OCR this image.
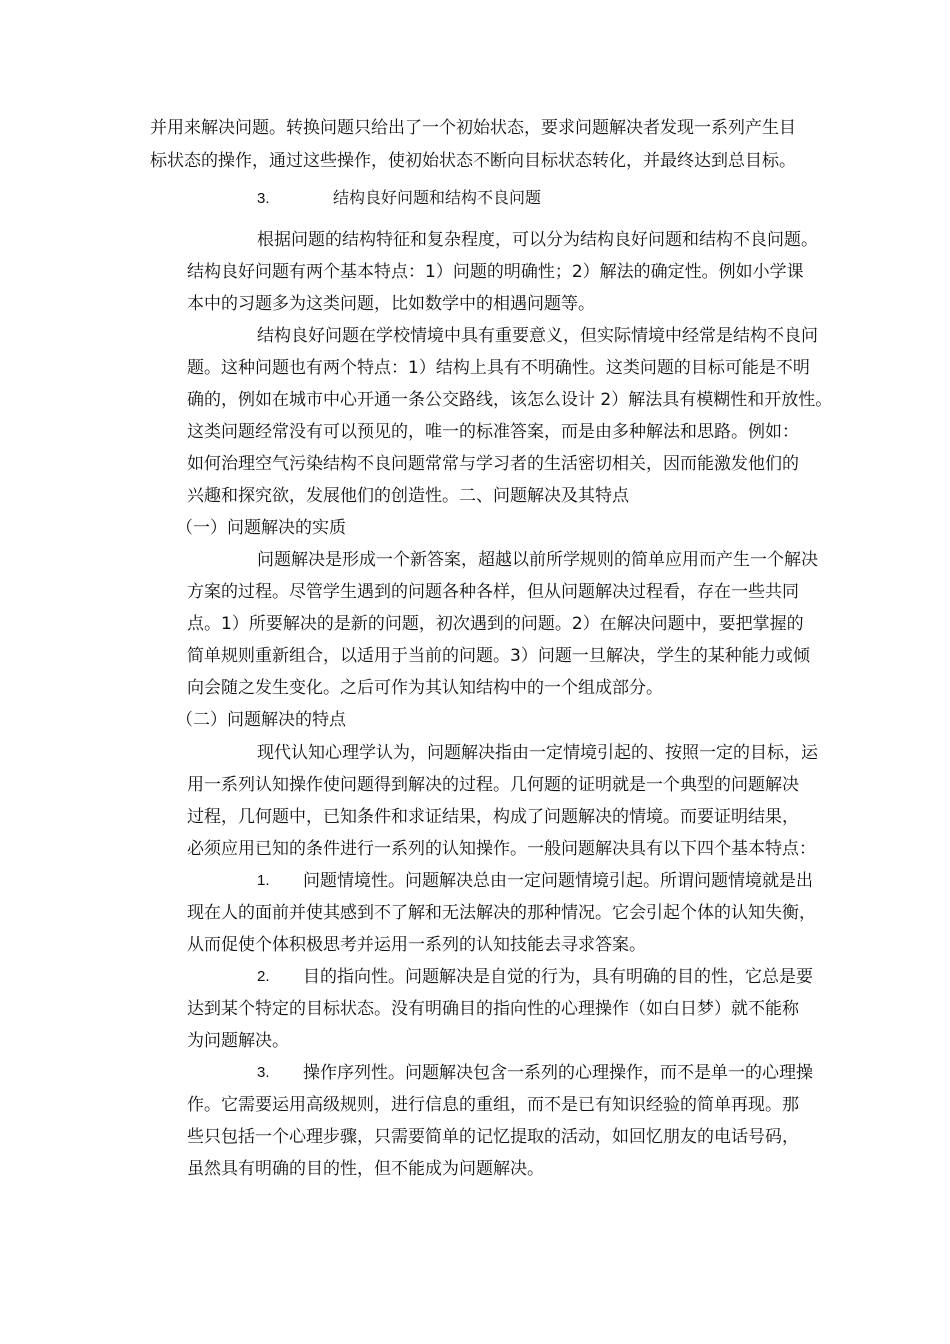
并用来解决问题。转换问题只给出了一个初始状态，要求问题解决者发现一系列产生目
标状态的操作，通过这些操作，使初始状态不断向目标状态转化，并最终达到总目标。
3.	结构良好问题和结构不良问题
根据问题的结构特征和复杂程度，可以分为结构良好问题和结构不良问题。
结构良好问题有两个基本特点：1）问题的明确性；2）解法的确定性。例如小学课
本中的习题多为这类问题，比如数学中的相遇问题等。
结构良好问题在学校情境中具有重要意义，但实际情境中经常是结构不良问
题。这种问题也有两个特点：1）结构上具有不明确性。这类问题的目标可能是不明
确的，例如在城市中心开通一条公交路线，该怎么设计 2）解法具有模糊性和开放性。
这类问题经常没有可以预见的，唯一的标准答案，而是由多种解法和思路。例如：
如何治理空气污染结构不良问题常常与学习者的生活密切相关，因而能激发他们的
兴趣和探究欲，发展他们的创造性。二、问题解决及其特点
（一）问题解决的实质
问题解决是形成一个新答案，超越以前所学规则的简单应用而产生一个解决
方案的过程。尽管学生遇到的问题各种各样，但从问题解决过程看，存在一些共同
点。1）所要解决的是新的问题，初次遇到的问题。2）在解决问题中，要把掌握的
简单规则重新组合，以适用于当前的问题。3）问题一旦解决，学生的某种能力或倾
向会随之发生变化。之后可作为其认知结构中的一个组成部分。
（二）问题解决的特点
现代认知心理学认为，问题解决指由一定情境引起的、按照一定的目标，运
用一系列认知操作使问题得到解决的过程。几何题的证明就是一个典型的问题解决
过程，几何题中，已知条件和求证结果，构成了问题解决的情境。而要证明结果，
必须应用已知的条件进行一系列的认知操作。一般问题解决具有以下四个基本特点：
1. 问题情境性。问题解决总由一定问题情境引起。所谓问题情境就是出
现在人的面前并使其感到不了解和无法解决的那种情况。它会引起个体的认知失衡，
从而促使个体积极思考并运用一系列的认知技能去寻求答案。
2. 目的指向性。问题解决是自觉的行为，具有明确的目的性，它总是要
达到某个特定的目标状态。没有明确目的指向性的心理操作（如白日梦）就不能称
为问题解决。
3. 操作序列性。问题解决包含一系列的心理操作，而不是单一的心理操
作。它需要运用高级规则，进行信息的重组，而不是已有知识经验的简单再现。那
些只包括一个心理步骤，只需要简单的记忆提取的活动，如回忆朋友的电话号码，
虽然具有明确的目的性，但不能成为问题解决。
